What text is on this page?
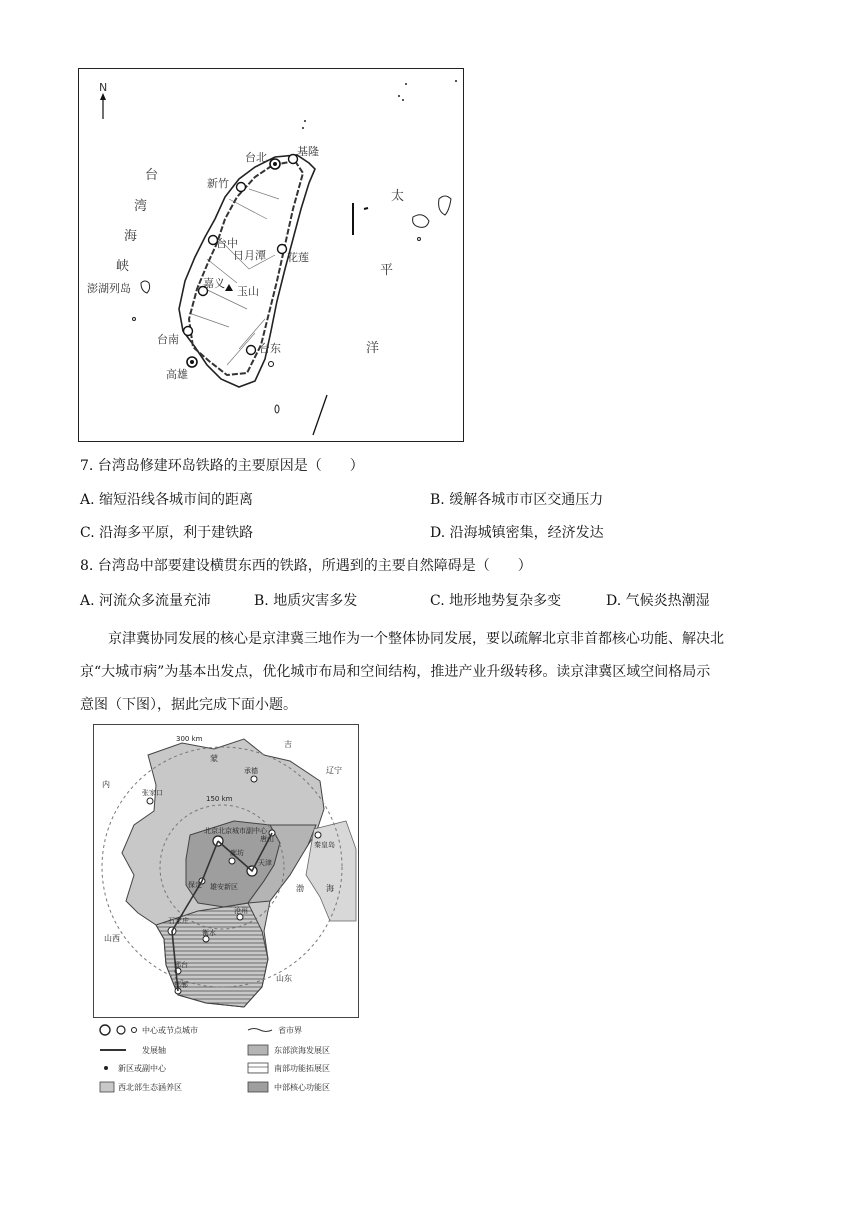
N
台北	基隆
新竹
台中
日月潭 花莲
嘉义
玉山
台南
台东
高雄
澎湖列岛
台
湾
海
峡
太
平
洋
7. 台湾岛修建环岛铁路的主要原因是（　　）
A. 缩短沿线各城市间的距离	B. 缓解各城市市区交通压力
C. 沿海多平原，利于建铁路	D. 沿海城镇密集，经济发达
8. 台湾岛中部要建设横贯东西的铁路，所遇到的主要自然障碍是（　　）
A. 河流众多流量充沛	B. 地质灾害多发	C. 地形地势复杂多变	D. 气候炎热潮湿
京津冀协同发展的核心是京津冀三地作为一个整体协同发展，要以疏解北京非首都核心功能、解决北
京“大城市病”为基本出发点，优化城市布局和空间结构，推进产业升级转移。读京津冀区域空间格局示
意图（下图），据此完成下面小题。
300 km
150 km
蒙
吉
内
辽宁
山西
山东
渤	海
承德
张家口
北京 北京城市副中心
唐山
秦皇岛
天津
廊坊
保定 雄安新区
沧州
石家庄
衡水
邢台
邯郸
中心或节点城市	省市界
发展轴	东部滨海发展区
新区或副中心	南部功能拓展区
西北部生态涵养区	中部核心功能区
